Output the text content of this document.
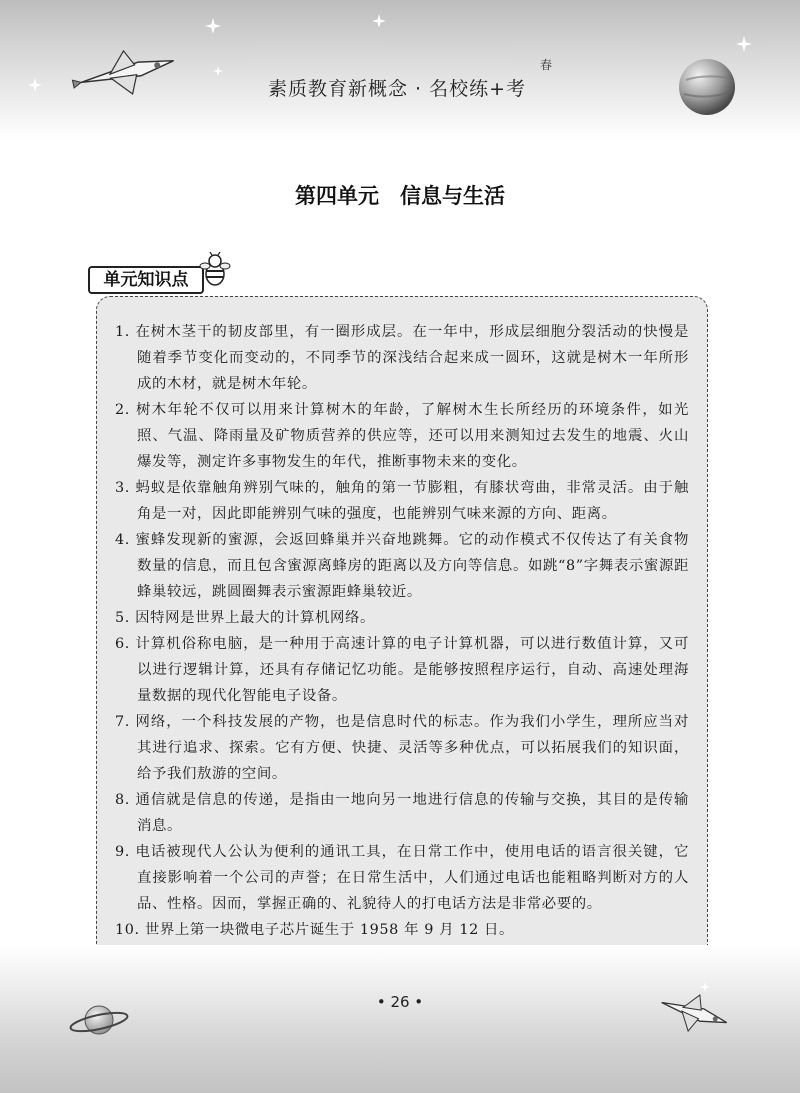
素质教育新概念 · 名校练+考
春
第四单元　信息与生活
单元知识点

1. 在树木茎干的韧皮部里，有一圈形成层。在一年中，形成层细胞分裂活动的快慢是随着季节变化而变动的，不同季节的深浅结合起来成一圆环，这就是树木一年所形成的木材，就是树木年轮。

2. 树木年轮不仅可以用来计算树木的年龄，了解树木生长所经历的环境条件，如光照、气温、降雨量及矿物质营养的供应等，还可以用来测知过去发生的地震、火山爆发等，测定许多事物发生的年代，推断事物未来的变化。

3. 蚂蚁是依靠触角辨别气味的，触角的第一节膨粗，有膝状弯曲，非常灵活。由于触角是一对，因此即能辨别气味的强度，也能辨别气味来源的方向、距离。

4. 蜜蜂发现新的蜜源，会返回蜂巢并兴奋地跳舞。它的动作模式不仅传达了有关食物数量的信息，而且包含蜜源离蜂房的距离以及方向等信息。如跳“8”字舞表示蜜源距蜂巢较远，跳圆圈舞表示蜜源距蜂巢较近。

5. 因特网是世界上最大的计算机网络。

6. 计算机俗称电脑，是一种用于高速计算的电子计算机器，可以进行数值计算，又可以进行逻辑计算，还具有存储记忆功能。是能够按照程序运行，自动、高速处理海量数据的现代化智能电子设备。

7. 网络，一个科技发展的产物，也是信息时代的标志。作为我们小学生，理所应当对其进行追求、探索。它有方便、快捷、灵活等多种优点，可以拓展我们的知识面，给予我们敖游的空间。

8. 通信就是信息的传递，是指由一地向另一地进行信息的传输与交换，其目的是传输消息。

9. 电话被现代人公认为便利的通讯工具，在日常工作中，使用电话的语言很关键，它直接影响着一个公司的声誉；在日常生活中，人们通过电话也能粗略判断对方的人品、性格。因而，掌握正确的、礼貌待人的打电话方法是非常必要的。

10. 世界上第一块微电子芯片诞生于 1958 年 9 月 12 日。

• 26 •
